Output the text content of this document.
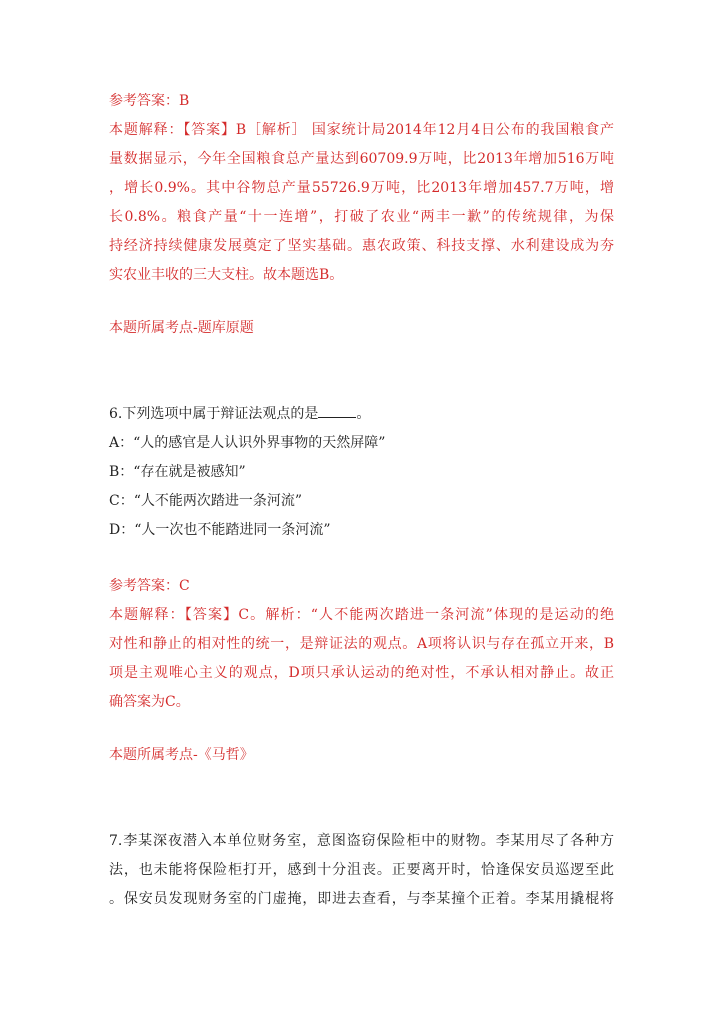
参考答案：B
本题解释：【答案】B［解析］ 国家统计局2014年12月4日公布的我国粮食产
量数据显示，今年全国粮食总产量达到60709.9万吨，比2013年增加516万吨
，增长0.9%。其中谷物总产量55726.9万吨，比2013年增加457.7万吨，增
长0.8%。粮食产量“十一连增”，打破了农业“两丰一歉”的传统规律，为保
持经济持续健康发展奠定了坚实基础。惠农政策、科技支撑、水利建设成为夯
实农业丰收的三大支柱。故本题选B。
本题所属考点-题库原题
6.下列选项中属于辩证法观点的是	。
A：“人的感官是人认识外界事物的天然屏障”
B：“存在就是被感知”
C：“人不能两次踏进一条河流”
D：“人一次也不能踏进同一条河流”
参考答案：C
本题解释：【答案】C。解析：“人不能两次踏进一条河流”体现的是运动的绝
对性和静止的相对性的统一，是辩证法的观点。A项将认识与存在孤立开来，B
项是主观唯心主义的观点，D项只承认运动的绝对性，不承认相对静止。故正
确答案为C。
本题所属考点-《马哲》
7.李某深夜潜入本单位财务室，意图盗窃保险柜中的财物。李某用尽了各种方
法，也未能将保险柜打开，感到十分沮丧。正要离开时，恰逢保安员巡逻至此
。保安员发现财务室的门虚掩，即进去查看，与李某撞个正着。李某用撬棍将
